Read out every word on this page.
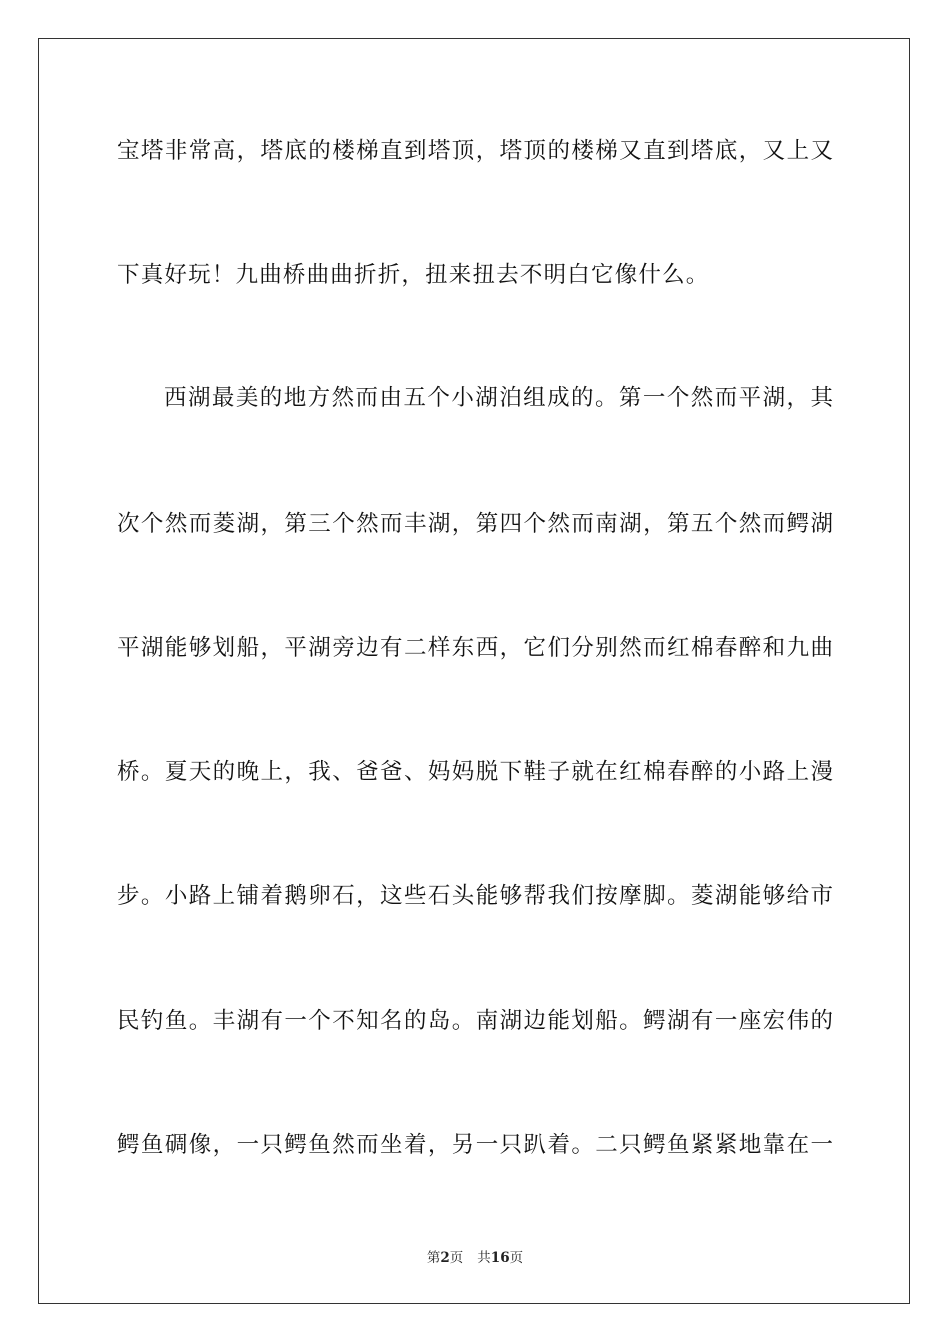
宝塔非常高，塔底的楼梯直到塔顶，塔顶的楼梯又直到塔底，又上又
下真好玩！九曲桥曲曲折折，扭来扭去不明白它像什么。
西湖最美的地方然而由五个小湖泊组成的。第一个然而平湖，其
次个然而菱湖，第三个然而丰湖，第四个然而南湖，第五个然而鳄湖
平湖能够划船，平湖旁边有二样东西，它们分别然而红棉春醉和九曲
桥。夏天的晚上，我、爸爸、妈妈脱下鞋子就在红棉春醉的小路上漫
步。小路上铺着鹅卵石，这些石头能够帮我们按摩脚。菱湖能够给市
民钓鱼。丰湖有一个不知名的岛。南湖边能划船。鳄湖有一座宏伟的
鳄鱼碉像，一只鳄鱼然而坐着，另一只趴着。二只鳄鱼紧紧地靠在一
第2页 共16页
